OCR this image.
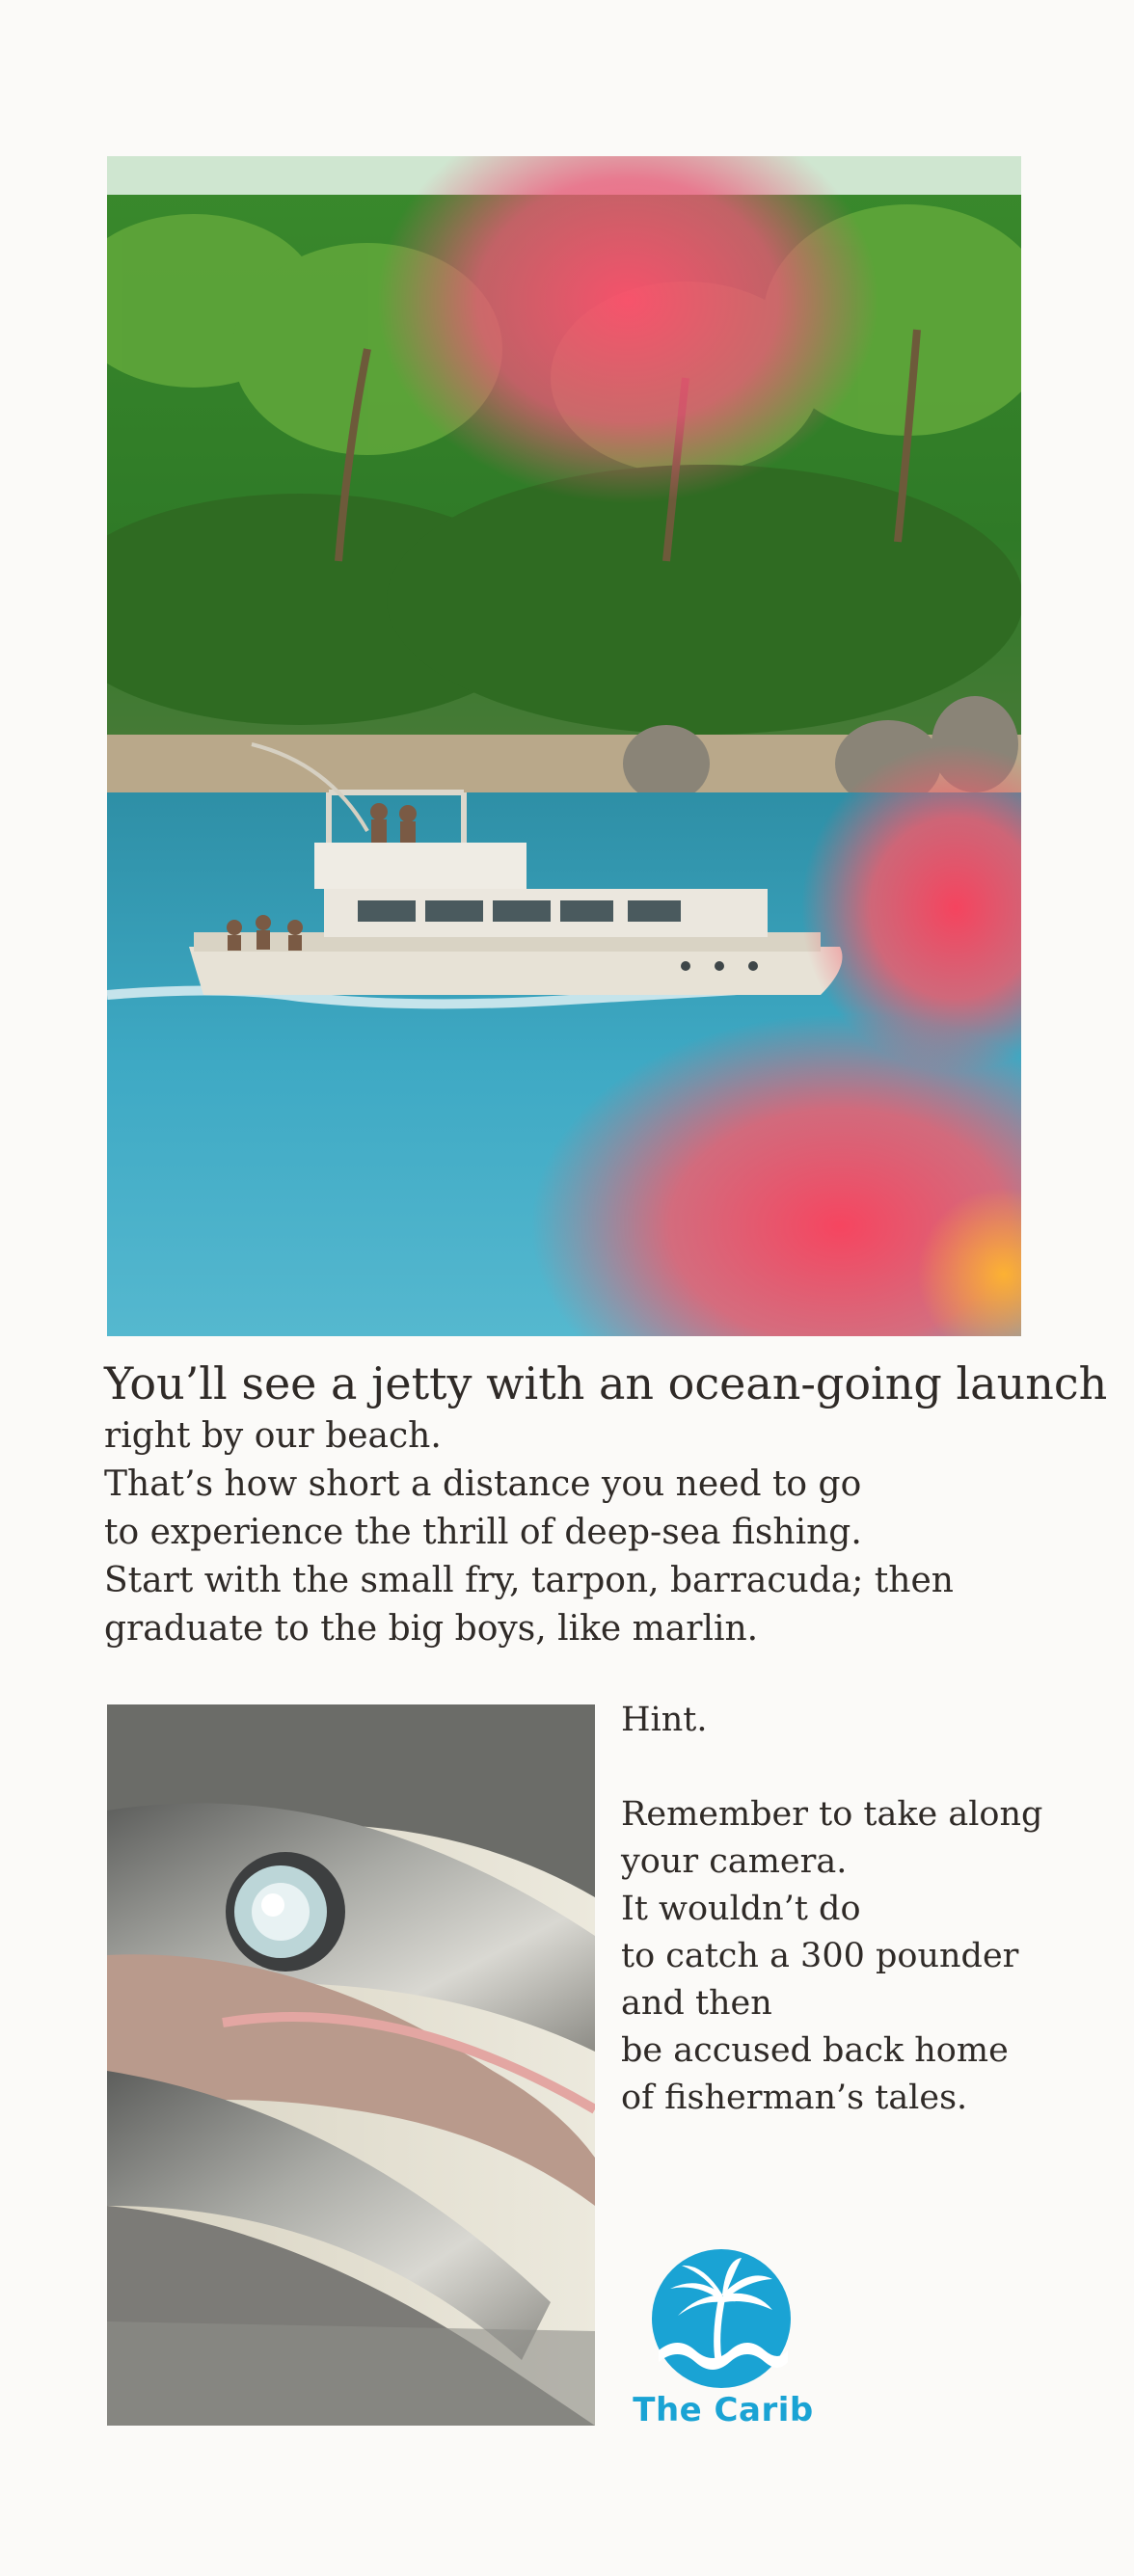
You’ll see a jetty with an ocean-going launch

right by our beach.

That’s how short a distance you need to go

to experience the thrill of deep-sea fishing.

Start with the small fry, tarpon, barracuda; then

graduate to the big boys, like marlin.

Hint.

Remember to take along

your camera.

It wouldn’t do

to catch a 300 pounder

and then

be accused back home

of fisherman’s tales.

The Carib
